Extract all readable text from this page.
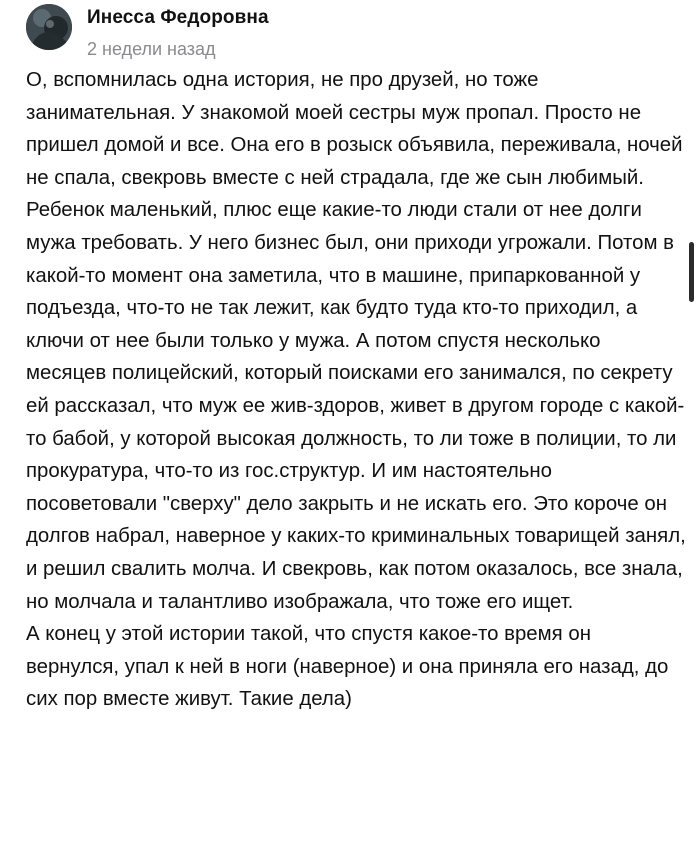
Инесса Федоровна
2 недели назад

О, вспомнилась одна история, не про друзей, но тоже занимательная. У знакомой моей сестры муж пропал. Просто не пришел домой и все. Она его в розыск объявила, переживала, ночей не спала, свекровь вместе с ней страдала, где же сын любимый. Ребенок маленький, плюс еще какие-то люди стали от нее долги мужа требовать. У него бизнес был, они приходи угрожали. Потом в какой-то момент она заметила, что в машине, припаркованной у подъезда, что-то не так лежит, как будто туда кто-то приходил, а ключи от нее были только у мужа. А потом спустя несколько месяцев полицейский, который поисками его занимался, по секрету ей рассказал, что муж ее жив-здоров, живет в другом городе с какой-то бабой, у которой высокая должность, то ли тоже в полиции, то ли прокуратура, что-то из гос.структур. И им настоятельно посоветовали "сверху" дело закрыть и не искать его. Это короче он долгов набрал, наверное у каких-то криминальных товарищей занял, и решил свалить молча. И свекровь, как потом оказалось, все знала, но молчала и талантливо изображала, что тоже его ищет.

А конец у этой истории такой, что спустя какое-то время он вернулся, упал к ней в ноги (наверное) и она приняла его назад, до сих пор вместе живут. Такие дела)
